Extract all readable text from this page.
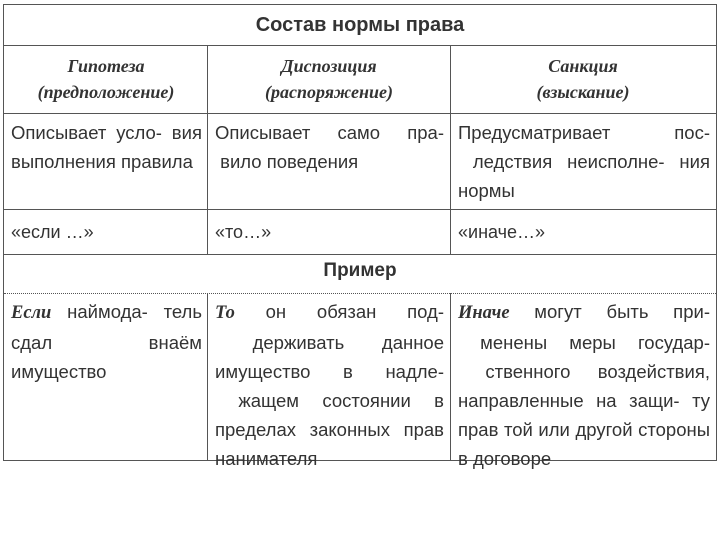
Состав нормы права
Гипотеза
(предположение)
Диспозиция
(распоряжение)
Санкция
(взыскание)
Описывает усло- вия выполнения правила
Описывает само пра- вило поведения
Предусматривает пос- ледствия неисполне- ния нормы
«если …»	«то…»	«иначе…»
Пример
Если наймода- тель сдал внаём имущество
То он обязан под- держивать данное имущество в надле- жащем состоянии в пределах законных прав нанимателя
Иначе могут быть при- менены меры государ- ственного воздействия, направленные на защи- ту прав той или другой стороны в договоре
